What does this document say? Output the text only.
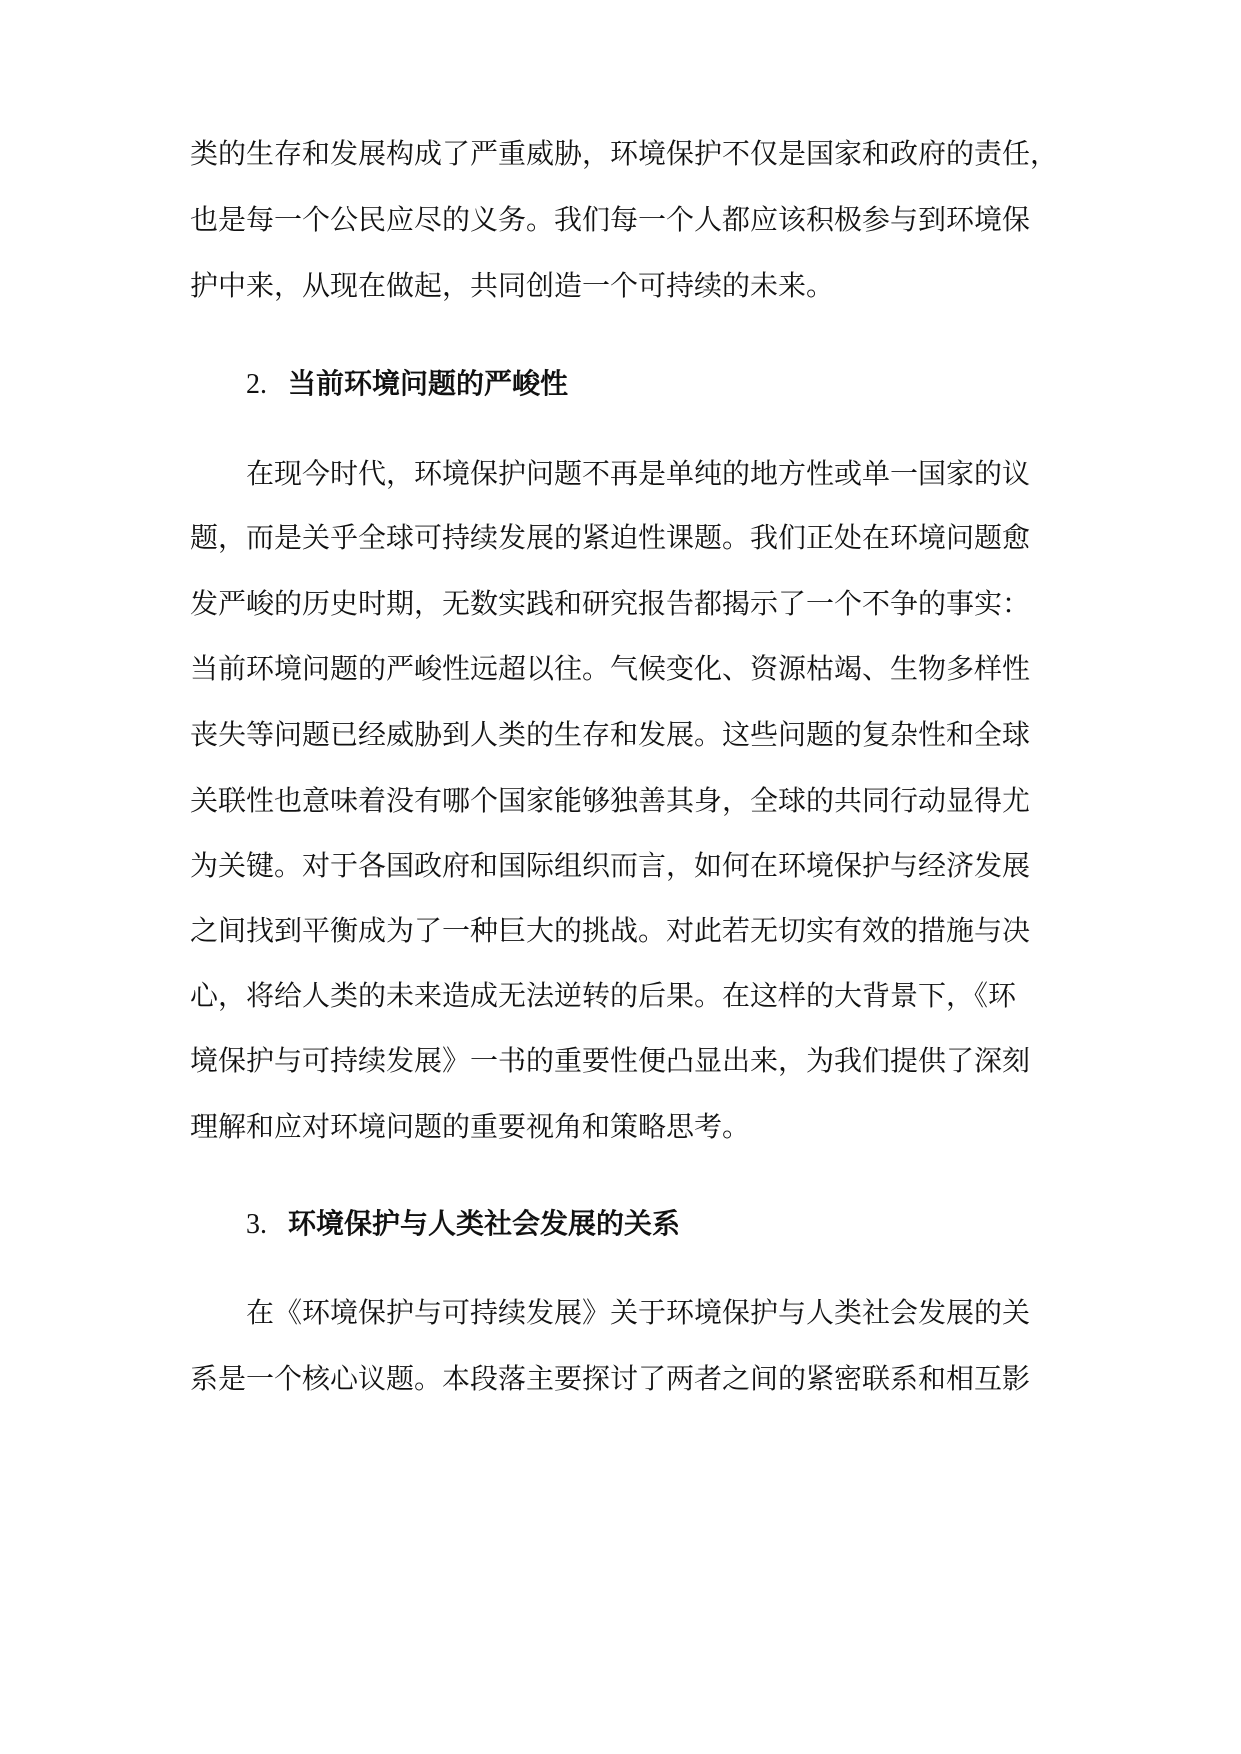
类的生存和发展构成了严重威胁，环境保护不仅是国家和政府的责任，
也是每一个公民应尽的义务。我们每一个人都应该积极参与到环境保
护中来，从现在做起，共同创造一个可持续的未来。
2. 当前环境问题的严峻性
在现今时代，环境保护问题不再是单纯的地方性或单一国家的议
题，而是关乎全球可持续发展的紧迫性课题。我们正处在环境问题愈
发严峻的历史时期，无数实践和研究报告都揭示了一个不争的事实：
当前环境问题的严峻性远超以往。气候变化、资源枯竭、生物多样性
丧失等问题已经威胁到人类的生存和发展。这些问题的复杂性和全球
关联性也意味着没有哪个国家能够独善其身，全球的共同行动显得尤
为关键。对于各国政府和国际组织而言，如何在环境保护与经济发展
之间找到平衡成为了一种巨大的挑战。对此若无切实有效的措施与决
心，将给人类的未来造成无法逆转的后果。在这样的大背景下，《环
境保护与可持续发展》一书的重要性便凸显出来，为我们提供了深刻
理解和应对环境问题的重要视角和策略思考。
3. 环境保护与人类社会发展的关系
在《环境保护与可持续发展》关于环境保护与人类社会发展的关
系是一个核心议题。本段落主要探讨了两者之间的紧密联系和相互影
